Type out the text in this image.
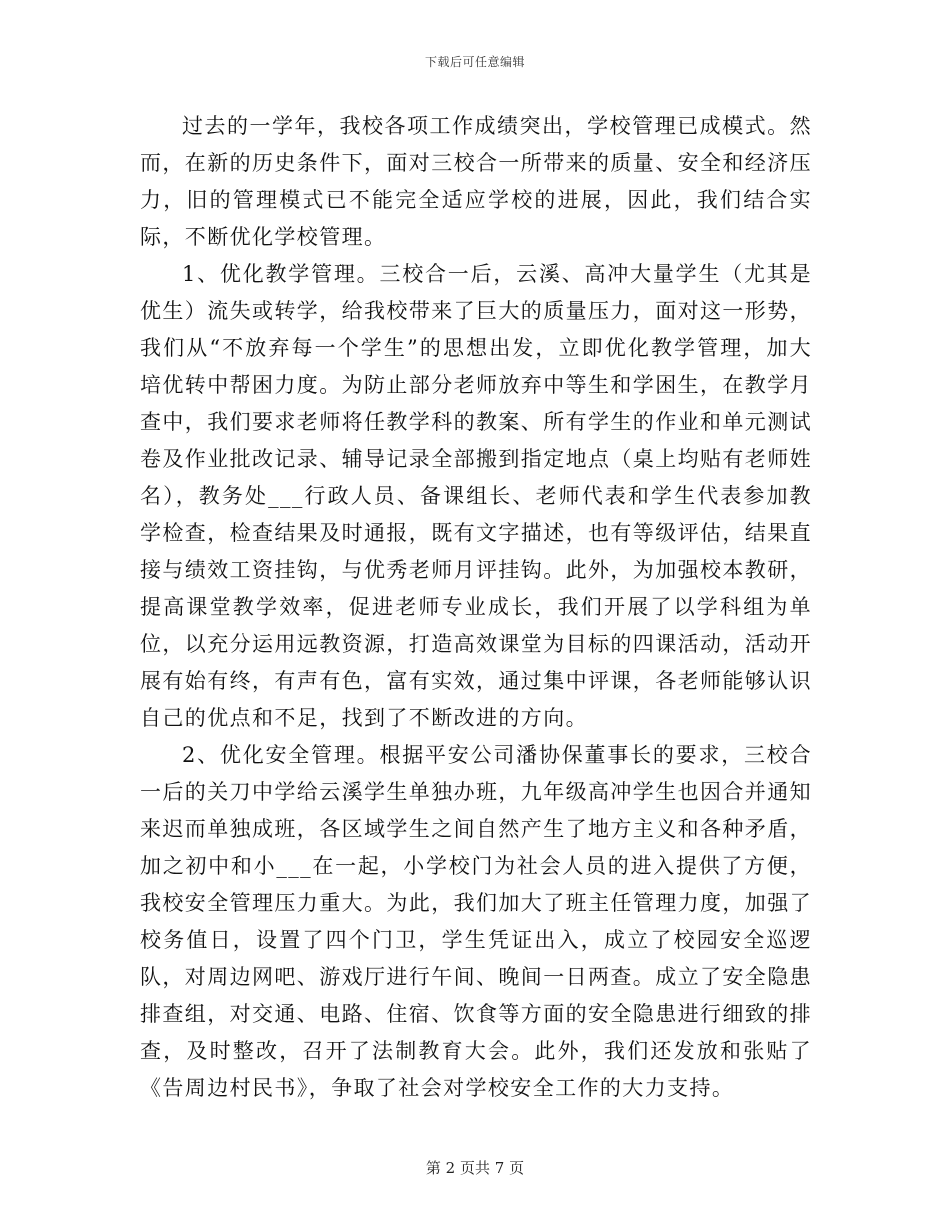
下载后可任意编辑

过去的一学年，我校各项工作成绩突出，学校管理已成模式。然而，在新的历史条件下，面对三校合一所带来的质量、安全和经济压力，旧的管理模式已不能完全适应学校的进展，因此，我们结合实际，不断优化学校管理。

1、优化教学管理。三校合一后，云溪、高冲大量学生（尤其是优生）流失或转学，给我校带来了巨大的质量压力，面对这一形势，我们从“不放弃每一个学生”的思想出发，立即优化教学管理，加大培优转中帮困力度。为防止部分老师放弃中等生和学困生，在教学月查中，我们要求老师将任教学科的教案、所有学生的作业和单元测试卷及作业批改记录、辅导记录全部搬到指定地点（桌上均贴有老师姓名），教务处___行政人员、备课组长、老师代表和学生代表参加教学检查，检查结果及时通报，既有文字描述，也有等级评估，结果直接与绩效工资挂钩，与优秀老师月评挂钩。此外，为加强校本教研，提高课堂教学效率，促进老师专业成长，我们开展了以学科组为单位，以充分运用远教资源，打造高效课堂为目标的四课活动，活动开展有始有终，有声有色，富有实效，通过集中评课，各老师能够认识自己的优点和不足，找到了不断改进的方向。

2、优化安全管理。根据平安公司潘协保董事长的要求，三校合一后的关刀中学给云溪学生单独办班，九年级高冲学生也因合并通知来迟而单独成班，各区域学生之间自然产生了地方主义和各种矛盾，加之初中和小___在一起，小学校门为社会人员的进入提供了方便，我校安全管理压力重大。为此，我们加大了班主任管理力度，加强了校务值日，设置了四个门卫，学生凭证出入，成立了校园安全巡逻队，对周边网吧、游戏厅进行午间、晚间一日两查。成立了安全隐患排查组，对交通、电路、住宿、饮食等方面的安全隐患进行细致的排查，及时整改，召开了法制教育大会。此外，我们还发放和张贴了《告周边村民书》，争取了社会对学校安全工作的大力支持。

第 2 页共 7 页
